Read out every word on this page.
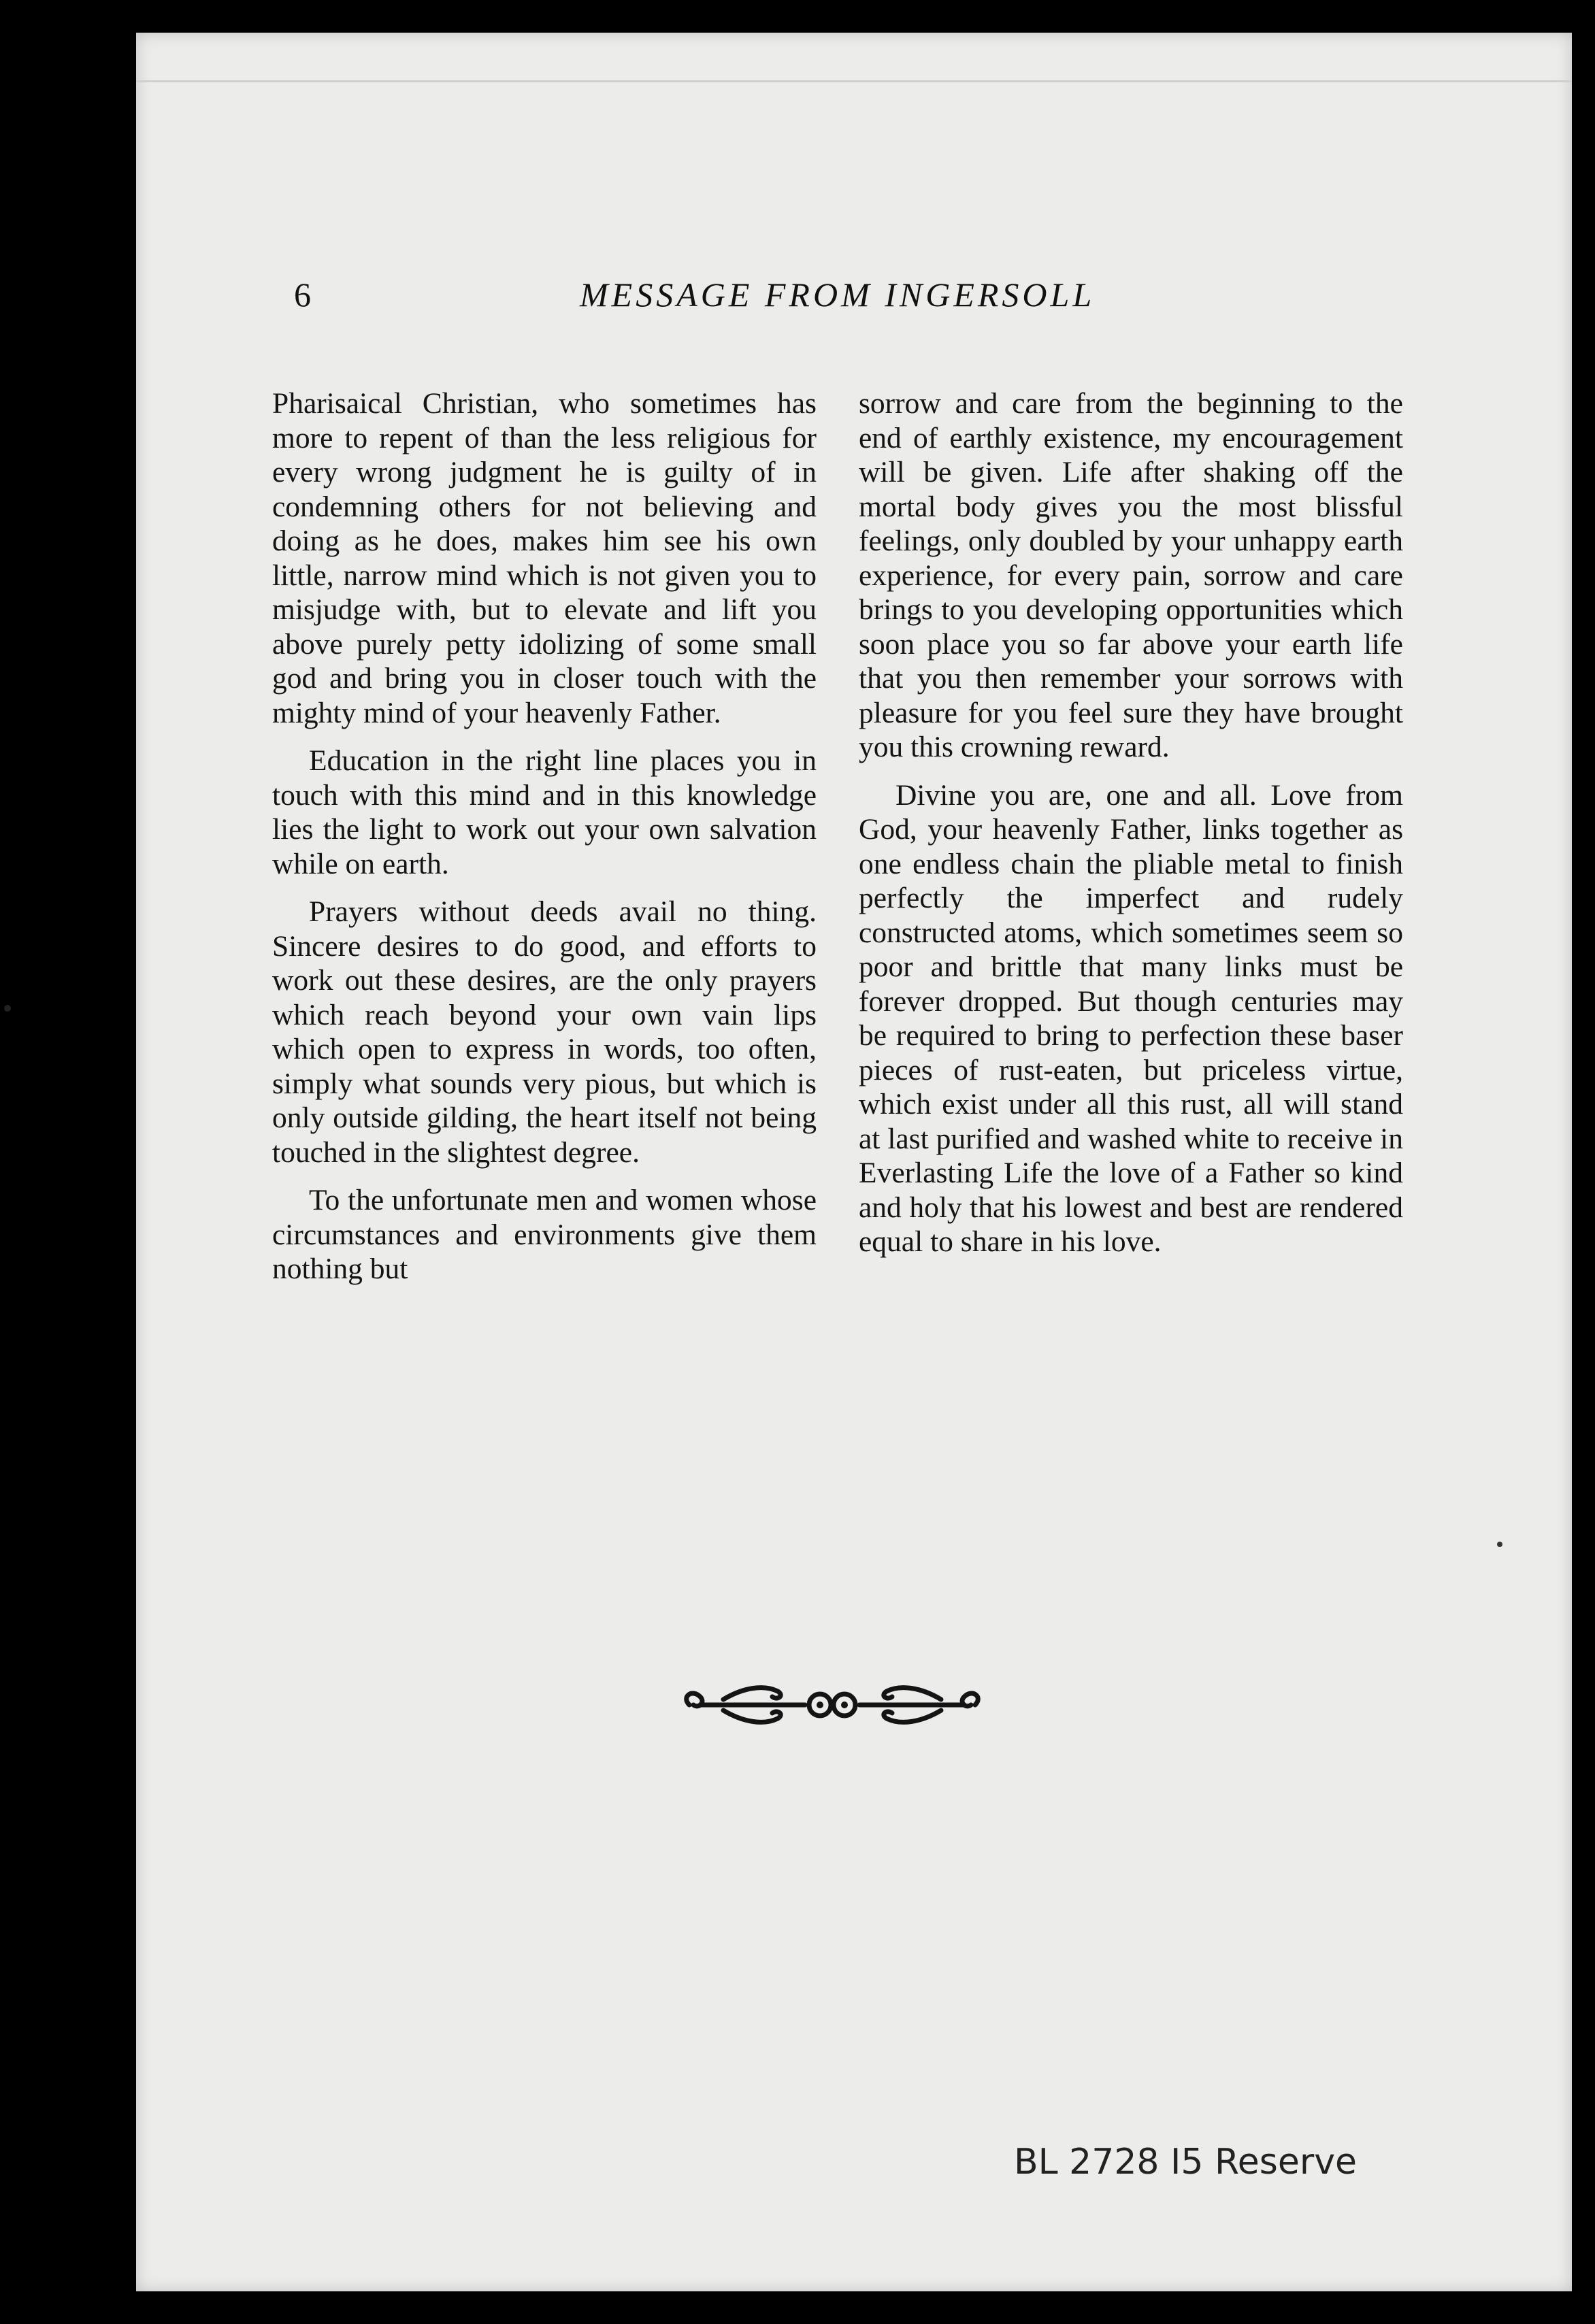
6	MESSAGE FROM INGERSOLL

Pharisaical Christian, who sometimes has more to repent of than the less religious for every wrong judgment he is guilty of in condemning others for not believing and doing as he does, makes him see his own little, narrow mind which is not given you to misjudge with, but to elevate and lift you above purely petty idolizing of some small god and bring you in closer touch with the mighty mind of your heavenly Father.

Education in the right line places you in touch with this mind and in this knowledge lies the light to work out your own salvation while on earth.

Prayers without deeds avail no thing. Sincere desires to do good, and efforts to work out these desires, are the only prayers which reach beyond your own vain lips which open to express in words, too often, simply what sounds very pious, but which is only outside gilding, the heart itself not being touched in the slightest degree.

To the unfortunate men and women whose circumstances and environments give them nothing but

sorrow and care from the beginning to the end of earthly existence, my encouragement will be given. Life after shaking off the mortal body gives you the most blissful feelings, only doubled by your unhappy earth experience, for every pain, sorrow and care brings to you developing opportunities which soon place you so far above your earth life that you then remember your sorrows with pleasure for you feel sure they have brought you this crowning reward.

Divine you are, one and all. Love from God, your heavenly Father, links together as one endless chain the pliable metal to finish perfectly the imperfect and rudely constructed atoms, which sometimes seem so poor and brittle that many links must be forever dropped. But though centuries may be required to bring to perfection these baser pieces of rust-eaten, but priceless virtue, which exist under all this rust, all will stand at last purified and washed white to receive in Everlasting Life the love of a Father so kind and holy that his lowest and best are rendered equal to share in his love.

BL 2728 I5 Reserve
